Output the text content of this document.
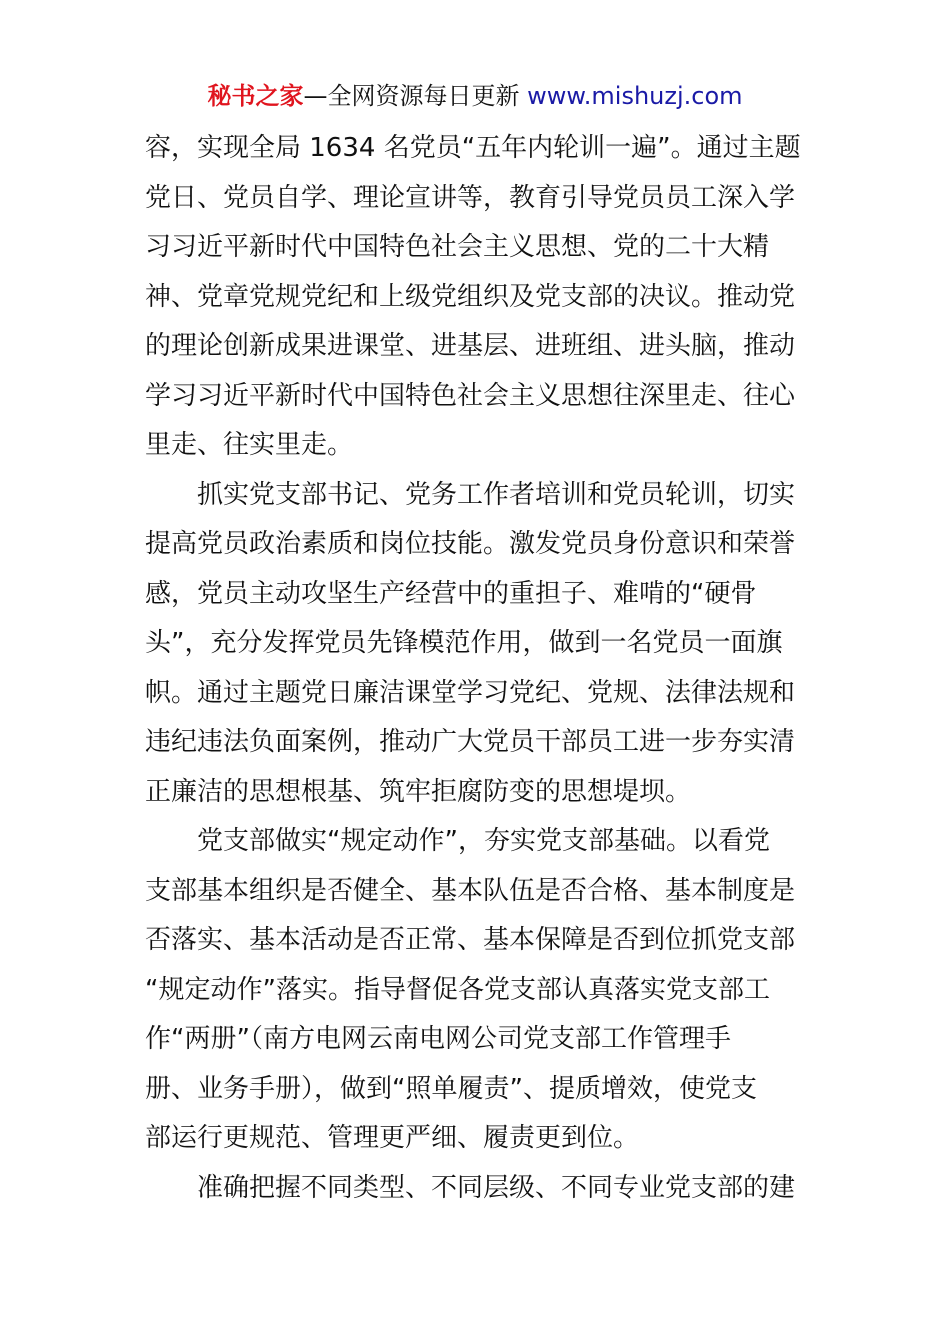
秘书之家—全网资源每日更新 www.mishuzj.com
容，实现全局 1634 名党员“五年内轮训一遍”。通过主题
党日、党员自学、理论宣讲等，教育引导党员员工深入学
习习近平新时代中国特色社会主义思想、党的二十大精
神、党章党规党纪和上级党组织及党支部的决议。推动党
的理论创新成果进课堂、进基层、进班组、进头脑，推动
学习习近平新时代中国特色社会主义思想往深里走、往心
里走、往实里走。
　　抓实党支部书记、党务工作者培训和党员轮训，切实
提高党员政治素质和岗位技能。激发党员身份意识和荣誉
感，党员主动攻坚生产经营中的重担子、难啃的“硬骨
头”，充分发挥党员先锋模范作用，做到一名党员一面旗
帜。通过主题党日廉洁课堂学习党纪、党规、法律法规和
违纪违法负面案例，推动广大党员干部员工进一步夯实清
正廉洁的思想根基、筑牢拒腐防变的思想堤坝。
　　党支部做实“规定动作”，夯实党支部基础。以看党
支部基本组织是否健全、基本队伍是否合格、基本制度是
否落实、基本活动是否正常、基本保障是否到位抓党支部
“规定动作”落实。指导督促各党支部认真落实党支部工
作“两册”（南方电网云南电网公司党支部工作管理手
册、业务手册），做到“照单履责”、提质增效，使党支
部运行更规范、管理更严细、履责更到位。
　　准确把握不同类型、不同层级、不同专业党支部的建
